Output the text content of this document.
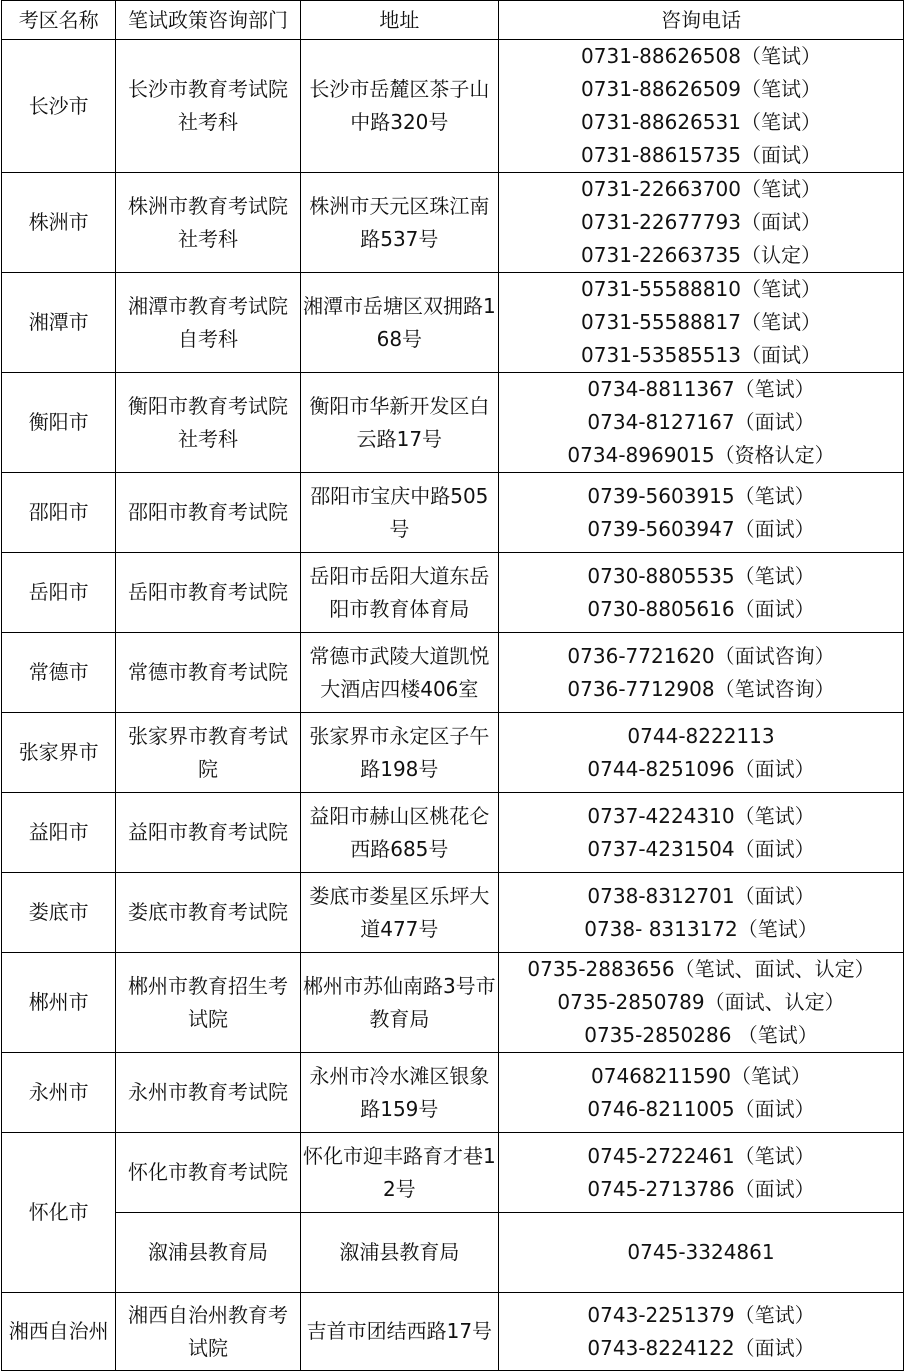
考区名称	笔试政策咨询部门	地址	咨询电话
长沙市	长沙市教育考试院社考科	长沙市岳麓区茶子山中路320号	0731-88626508（笔试）
0731-88626509（笔试）
0731-88626531（笔试）
0731-88615735（面试）

株洲市	株洲市教育考试院社考科	株洲市天元区珠江南路537号	0731-22663700（笔试）
0731-22677793（面试）
0731-22663735（认定）

湘潭市	湘潭市教育考试院自考科	湘潭市岳塘区双拥路168号	0731-55588810（笔试）
0731-55588817（笔试）
0731-53585513（面试）

衡阳市	衡阳市教育考试院社考科	衡阳市华新开发区白云路17号	0734-8811367（笔试）
0734-8127167（面试）
0734-8969015（资格认定）

邵阳市	邵阳市教育考试院	邵阳市宝庆中路505号	0739-5603915（笔试）
0739-5603947（面试）

岳阳市	岳阳市教育考试院	岳阳市岳阳大道东岳阳市教育体育局	0730-8805535（笔试）
0730-8805616（面试）

常德市	常德市教育考试院	常德市武陵大道凯悦大酒店四楼406室	0736-7721620（面试咨询）
0736-7712908（笔试咨询）

张家界市	张家界市教育考试院	张家界市永定区子午路198号	0744-8222113
0744-8251096（面试）

益阳市	益阳市教育考试院	益阳市赫山区桃花仑西路685号	0737-4224310（笔试）
0737-4231504（面试）

娄底市	娄底市教育考试院	娄底市娄星区乐坪大道477号	0738-8312701（面试）
0738- 8313172（笔试）

郴州市	郴州市教育招生考试院	郴州市苏仙南路3号市教育局	0735-2883656（笔试、面试、认定）
0735-2850789（面试、认定）
0735-2850286 （笔试）

永州市	永州市教育考试院	永州市冷水滩区银象路159号	07468211590（笔试）
0746-8211005（面试）

怀化市	怀化市教育考试院	怀化市迎丰路育才巷12号	0745-2722461（笔试）
0745-2713786（面试）

	溆浦县教育局	溆浦县教育局	0745-3324861

湘西自治州	湘西自治州教育考试院	吉首市团结西路17号	0743-2251379（笔试）
0743-8224122（面试）
